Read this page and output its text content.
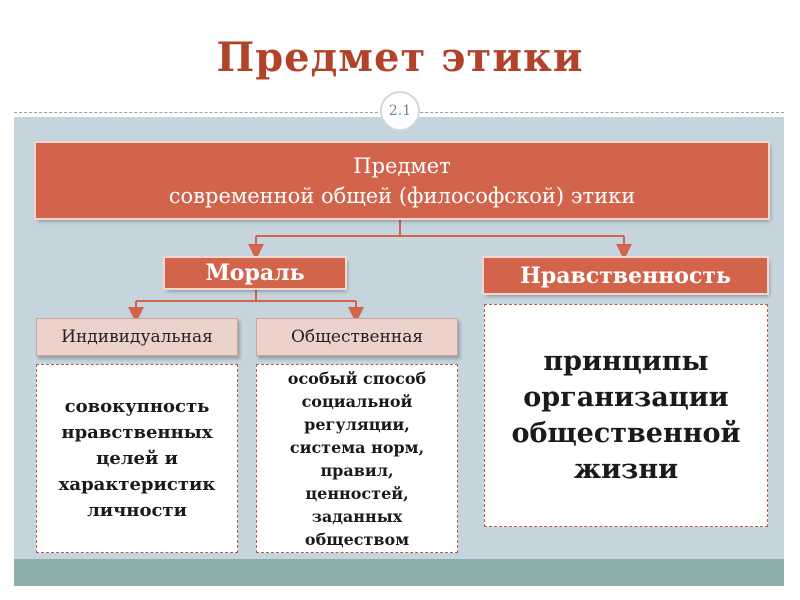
Предмет этики
2.1
Предмет
современной общей (философской) этики
Мораль	Нравственность
Индивидуальная	Общественная
совокупность нравственных целей и характеристик личности
особый способ социальной регуляции, система норм, правил, ценностей, заданных обществом
принципы организации общественной жизни
